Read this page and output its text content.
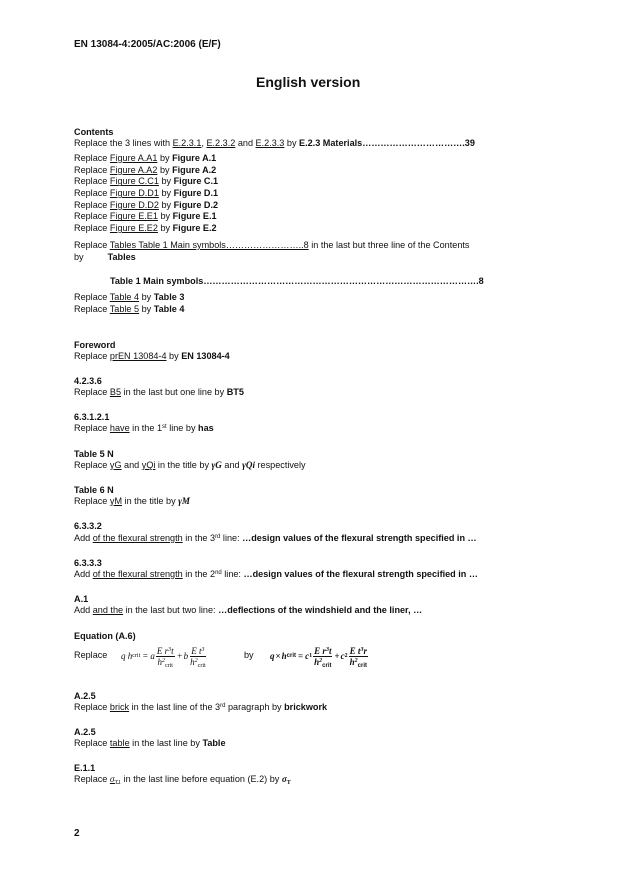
EN 13084-4:2005/AC:2006 (E/F)
English version
Contents
Replace the 3 lines with E.2.3.1, E.2.3.2 and E.2.3.3 by E.2.3 Materials…………………………….39
Replace Figure A.A1 by Figure A.1
Replace Figure A.A2 by Figure A.2
Replace Figure C.C1 by Figure C.1
Replace Figure D.D1 by Figure D.1
Replace Figure D.D2 by Figure D.2
Replace Figure E.E1 by Figure E.1
Replace Figure E.E2 by Figure E.2
Replace Tables Table 1 Main symbols……………………..8 in the last but three line of the Contents
by	Tables
Table 1 Main symbols……………………………………………………………………………….8
Replace Table 4 by Table 3
Replace Table 5 by Table 4
Foreword
Replace prEN 13084-4 by EN 13084-4
4.2.3.6
Replace B5 in the last but one line by BT5
6.3.1.2.1
Replace have in the 1st line by has
Table 5 N
Replace γG and γQi in the title by γG and γQi respectively
Table 6 N
Replace γM in the title by γM
6.3.3.2
Add of the flexural strength in the 3rd line: …design values of the flexural strength specified in …
6.3.3.3
Add of the flexural strength in the 2nd line: …design values of the flexural strength specified in …
A.1
Add and the in the last but two line: …deflections of the windshield and the liner, …
Equation (A.6)
Replace q h crit = a $\frac{E r^3t}{h^2_{crit}} + b \frac{E t^3}{h^2_{crit}}$	by q × h crit = c $1 \frac{E r^3t}{h^2_{crit}} + c$ $2 \frac{E t^3r}{h^2_{crit}}$
A.2.5
Replace brick in the last line of the 3rd paragraph by brickwork
A.2.5
Replace table in the last line by Table
E.1.1
Replace $\sigma_{T1}$ in the last line before equation (E.2) by $\sigma_T$
2
